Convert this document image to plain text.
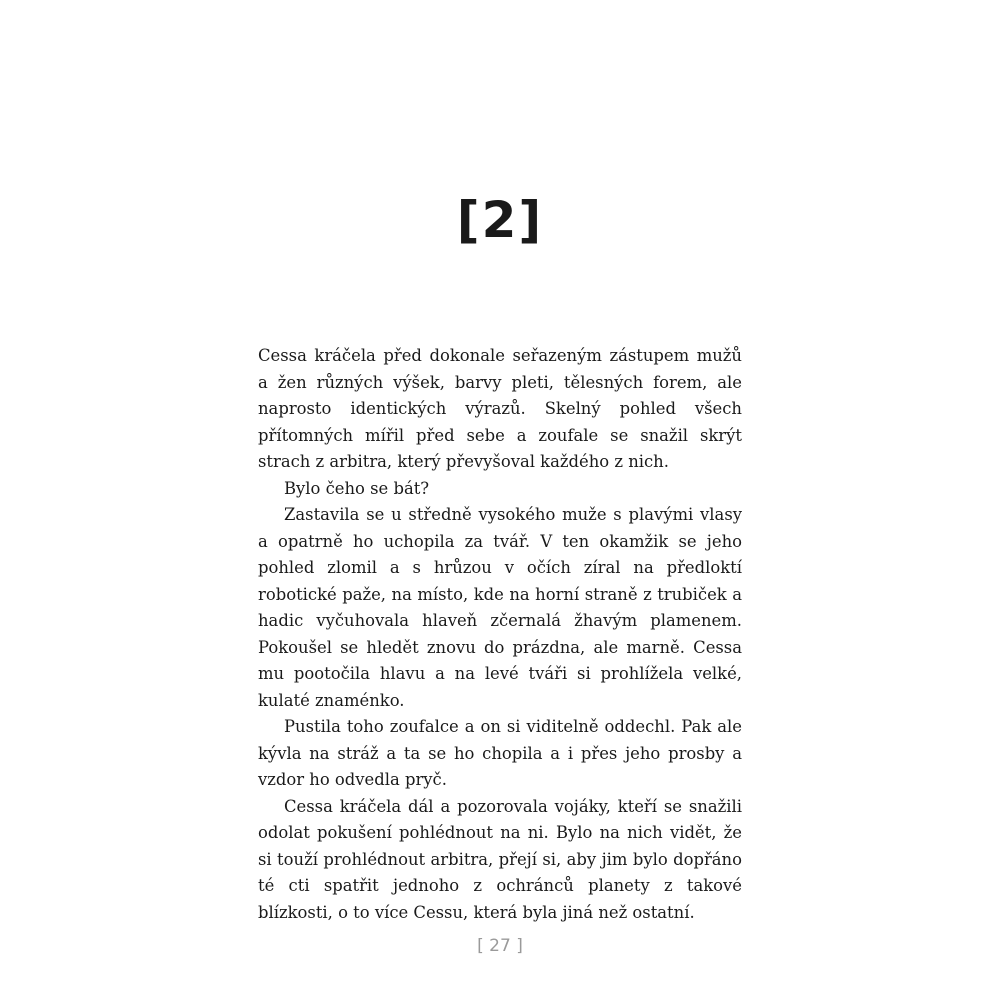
[2]

Cessa kráčela před dokonale seřazeným zástupem mužů a žen různých výšek, barvy pleti, tělesných forem, ale naprosto identických výrazů. Skelný pohled všech přítomných mířil před sebe a zoufale se snažil skrýt strach z arbitra, který převyšoval každého z nich.

Bylo čeho se bát?

Zastavila se u středně vysokého muže s plavými vlasy a opatrně ho uchopila za tvář. V ten okamžik se jeho pohled zlomil a s hrůzou v očích zíral na předloktí robotické paže, na místo, kde na horní straně z trubiček a hadic vyčuhovala hlaveň zčernalá žhavým plamenem. Pokoušel se hledět znovu do prázdna, ale marně. Cessa mu pootočila hlavu a na levé tváři si prohlížela velké, kulaté znaménko.

Pustila toho zoufalce a on si viditelně oddechl. Pak ale kývla na stráž a ta se ho chopila a i přes jeho prosby a vzdor ho odvedla pryč.

Cessa kráčela dál a pozorovala vojáky, kteří se snažili odolat pokušení pohlédnout na ni. Bylo na nich vidět, že si touží prohlédnout arbitra, přejí si, aby jim bylo dopřáno té cti spatřit jednoho z ochránců planety z takové blízkosti, o to více Cessu, která byla jiná než ostatní.

[ 27 ]
